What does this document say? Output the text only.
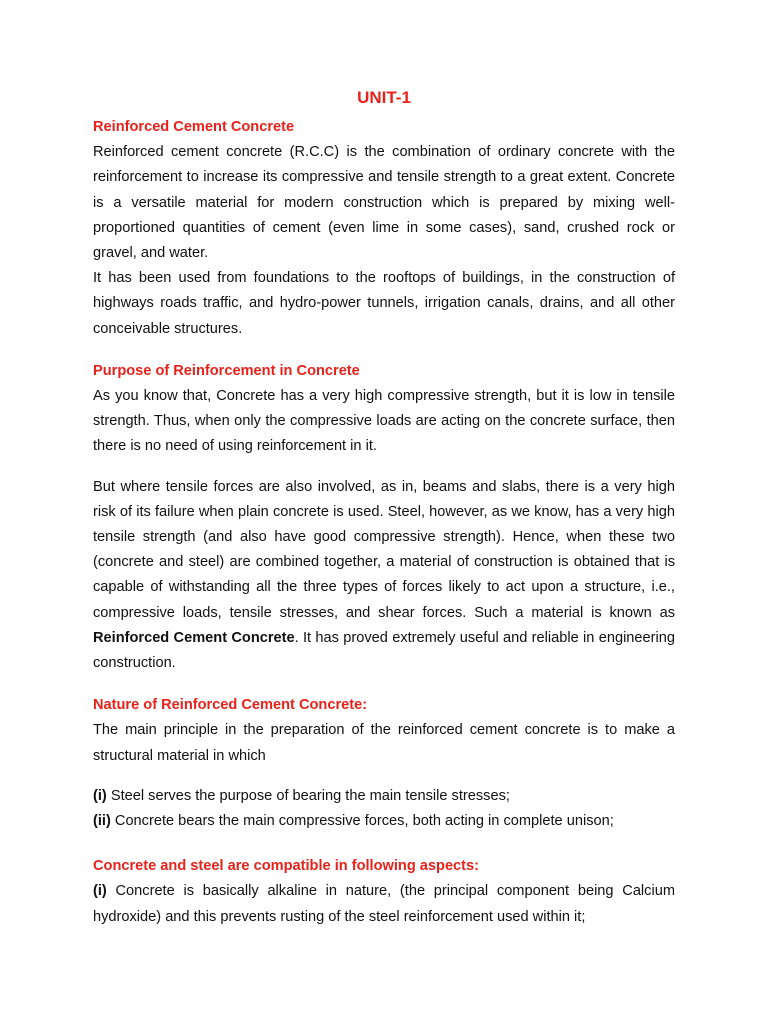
UNIT-1
Reinforced Cement Concrete

Reinforced cement concrete (R.C.C) is the combination of ordinary concrete with the reinforcement to increase its compressive and tensile strength to a great extent. Concrete is a versatile material for modern construction which is prepared by mixing well-proportioned quantities of cement (even lime in some cases), sand, crushed rock or gravel, and water.

It has been used from foundations to the rooftops of buildings, in the construction of highways roads traffic, and hydro-power tunnels, irrigation canals, drains, and all other conceivable structures.

Purpose of Reinforcement in Concrete

As you know that, Concrete has a very high compressive strength, but it is low in tensile strength. Thus, when only the compressive loads are acting on the concrete surface, then there is no need of using reinforcement in it.

But where tensile forces are also involved, as in, beams and slabs, there is a very high risk of its failure when plain concrete is used. Steel, however, as we know, has a very high tensile strength (and also have good compressive strength). Hence, when these two (concrete and steel) are combined together, a material of construction is obtained that is capable of withstanding all the three types of forces likely to act upon a structure, i.e., compressive loads, tensile stresses, and shear forces. Such a material is known as Reinforced Cement Concrete. It has proved extremely useful and reliable in engineering construction.

Nature of Reinforced Cement Concrete:

The main principle in the preparation of the reinforced cement concrete is to make a structural material in which

(i) Steel serves the purpose of bearing the main tensile stresses;

(ii) Concrete bears the main compressive forces, both acting in complete unison;

Concrete and steel are compatible in following aspects:

(i) Concrete is basically alkaline in nature, (the principal component being Calcium hydroxide) and this prevents rusting of the steel reinforcement used within it;
